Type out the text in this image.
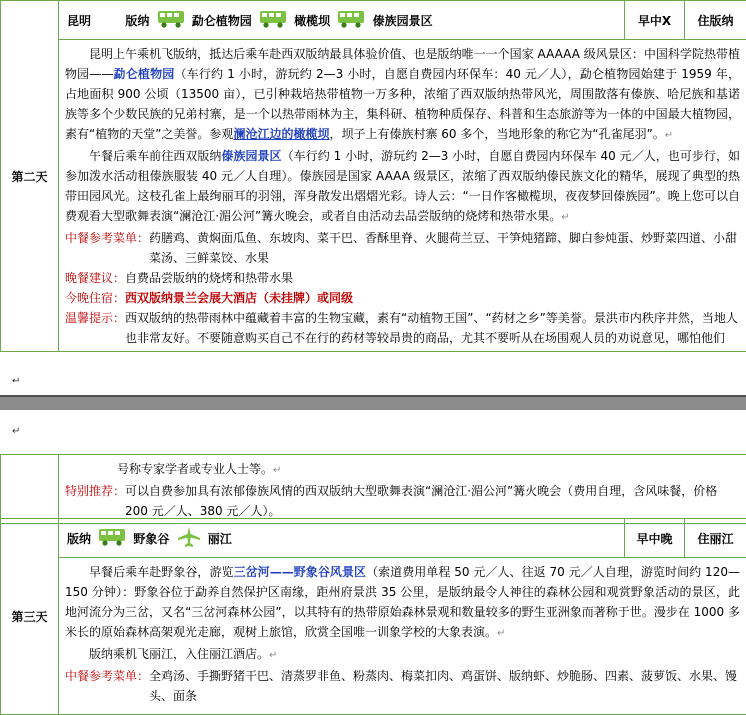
第二天	昆明	版纳	勐仑植物园	橄榄坝	傣族园景区	早中Ⅹ	住版纳

昆明上午乘机飞版纳，抵达后乘车赴西双版纳最具体验价值、也是版纳唯一一个国家 AAAAA 级风景区：中国科学院热带植物园——勐仑植物园（车行约 1 小时，游玩约 2—3 小时，自愿自费园内环保车：40 元／人），勐仑植物园始建于 1959 年，占地面积 900 公顷（13500 亩），已引种栽培热带植物一万多种，浓缩了西双版纳热带风光，周围散落有傣族、哈尼族和基诺族等多个少数民族的兄弟村寨，是一个以热带雨林为主，集科研、植物种质保存、科普和生态旅游等为一体的中国最大植物园，素有“植物的天堂”之美誉。参观澜沧江边的橄榄坝，坝子上有傣族村寨 60 多个，当地形象的称它为“孔雀尾羽”。↵

午餐后乘车前往西双版纳傣族园景区（车行约 1 小时，游玩约 2—3 小时，自愿自费园内环保车 40 元／人，也可步行，如参加泼水活动租傣族服装 40 元／人自理）。傣族园是国家 AAAA 级景区，浓缩了西双版纳傣民族文化的精华，展现了典型的热带田园风光。这枝孔雀上最绚丽耳的羽翎，浑身散发出熠熠光彩。诗人云：“一日作客橄榄坝，夜夜梦回傣族园”。晚上您可以自费观看大型歌舞表演“澜沧江·湄公河”篝火晚会，或者自由活动去品尝版纳的烧烤和热带水果。↵

中餐参考菜单： 药膳鸡、黄焖面瓜鱼、东坡肉、菜干巴、香酥里脊、火腿荷兰豆、干笋炖猪蹄、脚白参炖蛋、炒野菜四道、小甜菜汤、三鲜菜饺、水果
晚餐建议： 自费品尝版纳的烧烤和热带水果
今晚住宿： 西双版纳景兰会展大酒店（未挂牌）或同级
温馨提示： 西双版纳的热带雨林中蕴藏着丰富的生物宝藏，素有“动植物王国”、“药材之乡”等美誉。景洪市内秩序井然，当地人也非常友好。不要随意购买自己不在行的药材等较昂贵的商品，尤其不要听从在场围观人员的劝说意见，哪怕他们
↵

号称专家学者或专业人士等。↵
特别推荐： 可以自费参加具有浓郁傣族风情的西双版纳大型歌舞表演“澜沧江·湄公河”篝火晚会（费用自理，含风味餐，价格 200 元／人、380 元／人）。
第三天	版纳	野象谷	丽江	早中晚	住丽江

早餐后乘车赴野象谷，游览三岔河——野象谷风景区（索道费用单程 50 元／人、往返 70 元／人自理，游览时间约 120—150 分钟）：野象谷位于勐养自然保护区南缘，距州府景洪 35 公里，是版纳最令人神往的森林公园和观赏野象活动的景区，此地河流分为三岔，又名“三岔河森林公园”，以其特有的热带原始森林景观和数量较多的野生亚洲象而著称于世。漫步在 1000 多米长的原始森林高架观光走廊，观树上旅馆，欣赏全国唯一训象学校的大象表演。↵

版纳乘机飞丽江，入住丽江酒店。↵

中餐参考菜单： 全鸡汤、手撕野猪干巴、清蒸罗非鱼、粉蒸肉、梅菜扣肉、鸡蛋饼、版纳虾、炒脆肠、四素、菠萝饭、水果、馒头、面条
